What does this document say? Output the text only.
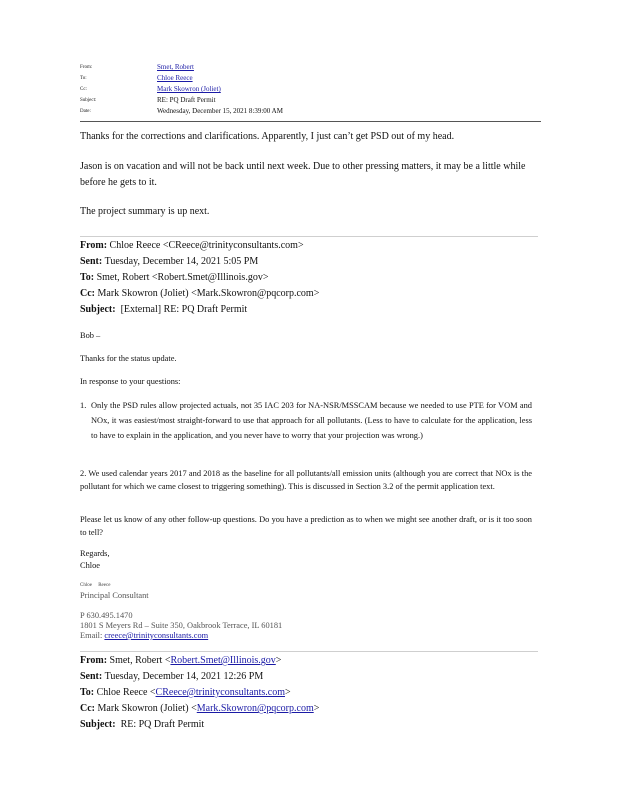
From:	Smet, Robert
To:	Chloe Reece
Cc:	Mark Skowron (Joliet)
Subject:	RE: PQ Draft Permit
Date:	Wednesday, December 15, 2021 8:39:00 AM
Thanks for the corrections and clarifications. Apparently, I just can’t get PSD out of my head.
Jason is on vacation and will not be back until next week. Due to other pressing matters, it may be a little while before he gets to it.
The project summary is up next.
From: Chloe Reece <CReece@trinityconsultants.com>
Sent: Tuesday, December 14, 2021 5:05 PM
To: Smet, Robert <Robert.Smet@Illinois.gov>
Cc: Mark Skowron (Joliet) <Mark.Skowron@pqcorp.com>
Subject: [External] RE: PQ Draft Permit
Bob –
Thanks for the status update.
In response to your questions:
1. Only the PSD rules allow projected actuals, not 35 IAC 203 for NA-NSR/MSSCAM because we needed to use PTE for VOM and NOx, it was easiest/most straight-forward to use that approach for all pollutants. (Less to have to calculate for the application, less to have to explain in the application, and you never have to worry that your projection was wrong.)
2. We used calendar years 2017 and 2018 as the baseline for all pollutants/all emission units (although you are correct that NOx is the pollutant for which we came closest to triggering something). This is discussed in Section 3.2 of the permit application text.
Please let us know of any other follow-up questions. Do you have a prediction as to when we might see another draft, or is it too soon to tell?
Regards,
Chloe
Chloe Reece
Principal Consultant
P 630.495.1470
1801 S Meyers Rd – Suite 350, Oakbrook Terrace, IL 60181
Email: creece@trinityconsultants.com
From: Smet, Robert <Robert.Smet@Illinois.gov>
Sent: Tuesday, December 14, 2021 12:26 PM
To: Chloe Reece <CReece@trinityconsultants.com>
Cc: Mark Skowron (Joliet) <Mark.Skowron@pqcorp.com>
Subject: RE: PQ Draft Permit
